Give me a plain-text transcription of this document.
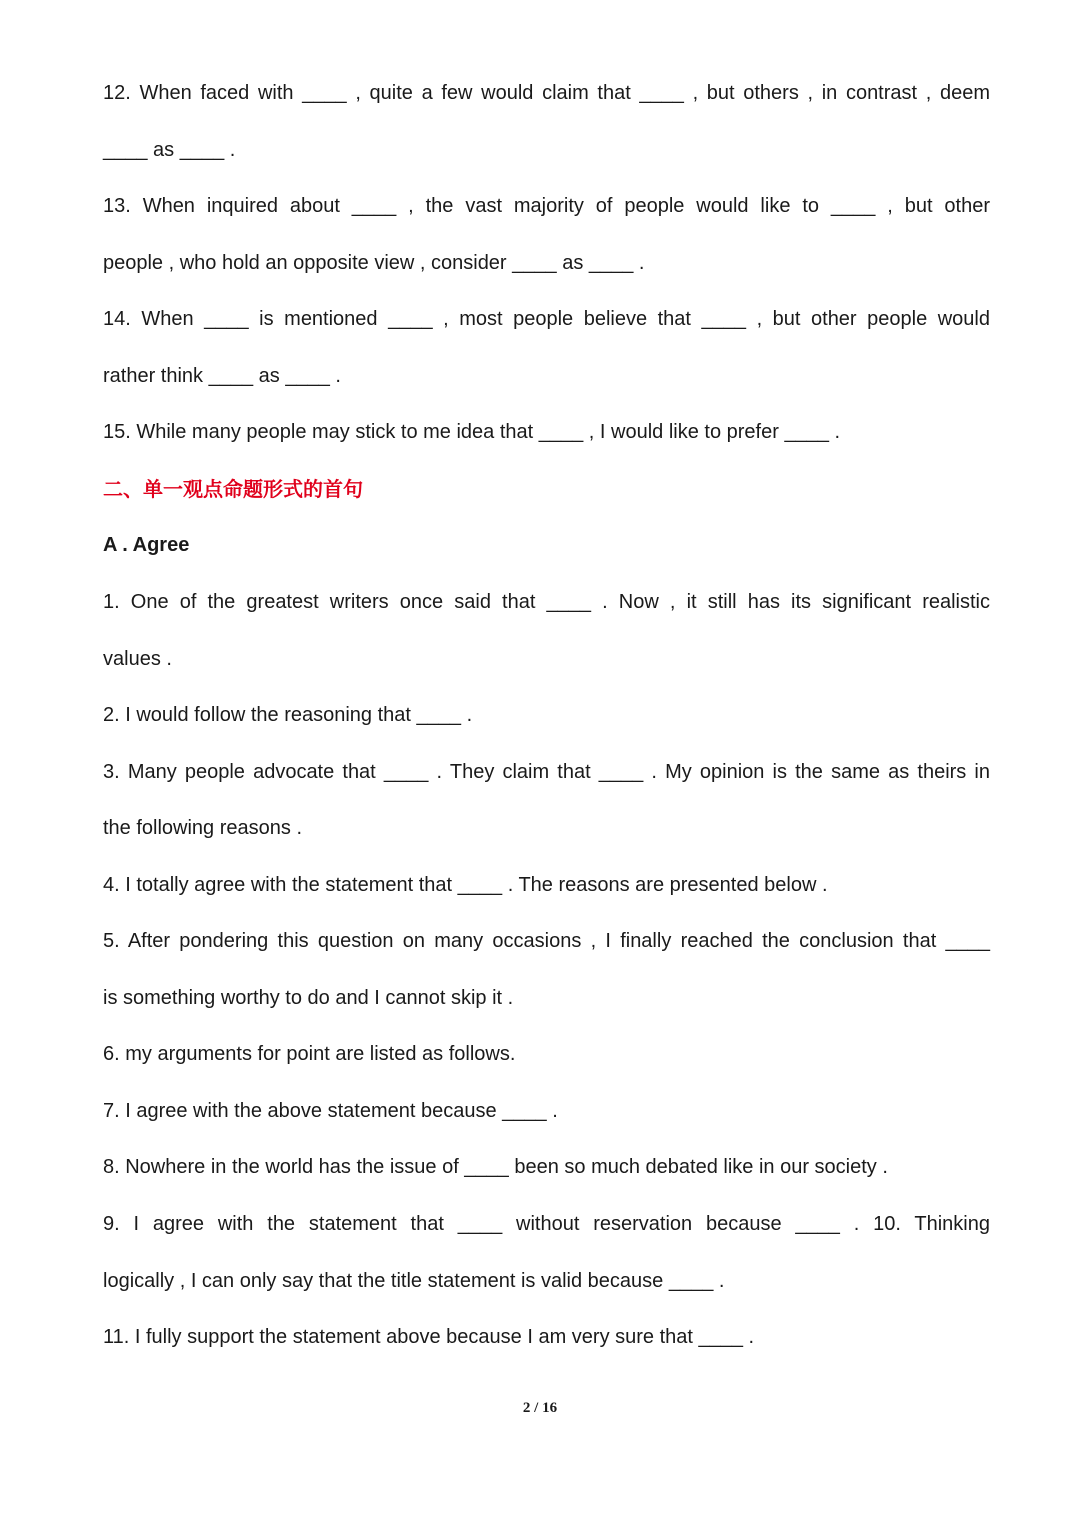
12. When faced with ____ , quite a few would claim that ____ , but others , in contrast , deem
____ as ____ .
13. When inquired about ____ , the vast majority of people would like to ____ , but other
people , who hold an opposite view , consider ____ as ____ .
14. When ____ is mentioned ____ , most people believe that ____ , but other people would
rather think ____ as ____ .
15. While many people may stick to me idea that ____ , I would like to prefer ____ .
二、单一观点命题形式的首句
A . Agree
1. One of the greatest writers once said that ____ . Now , it still has its significant realistic
values .
2. I would follow the reasoning that ____ .
3. Many people advocate that ____ . They claim that ____ . My opinion is the same as theirs in
the following reasons .
4. I totally agree with the statement that ____ . The reasons are presented below .
5. After pondering this question on many occasions , I finally reached the conclusion that ____
is something worthy to do and I cannot skip it .
6. my arguments for point are listed as follows.
7. I agree with the above statement because ____ .
8. Nowhere in the world has the issue of ____ been so much debated like in our society .
9. I agree with the statement that ____ without reservation because ____ . 10. Thinking
logically , I can only say that the title statement is valid because ____ .
11. I fully support the statement above because I am very sure that ____ .
2 / 16
